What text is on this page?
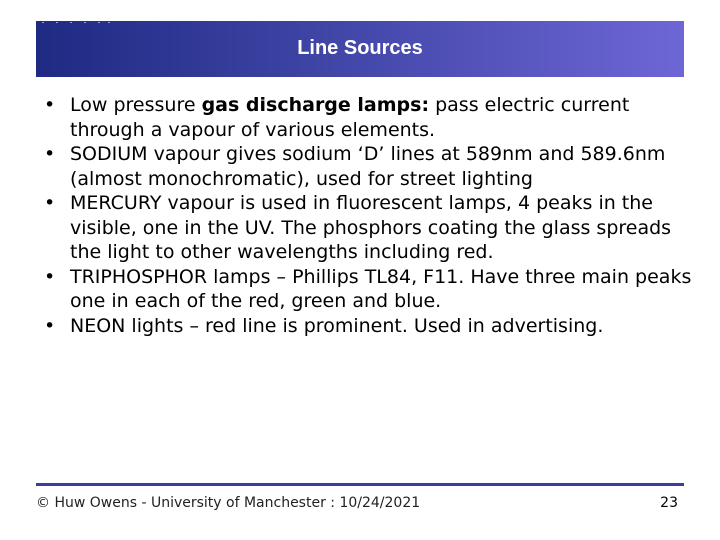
Line Sources
• Low pressure gas discharge lamps: pass electric current through a vapour of various elements.
• SODIUM vapour gives sodium ‘D’ lines at 589nm and 589.6nm (almost monochromatic), used for street lighting
• MERCURY vapour is used in fluorescent lamps, 4 peaks in the visible, one in the UV. The phosphors coating the glass spreads the light to other wavelengths including red.
• TRIPHOSPHOR lamps – Phillips TL84, F11. Have three main peaks one in each of the red, green and blue.
• NEON lights – red line is prominent. Used in advertising.
© Huw Owens - University of Manchester : 10/24/2021	23
